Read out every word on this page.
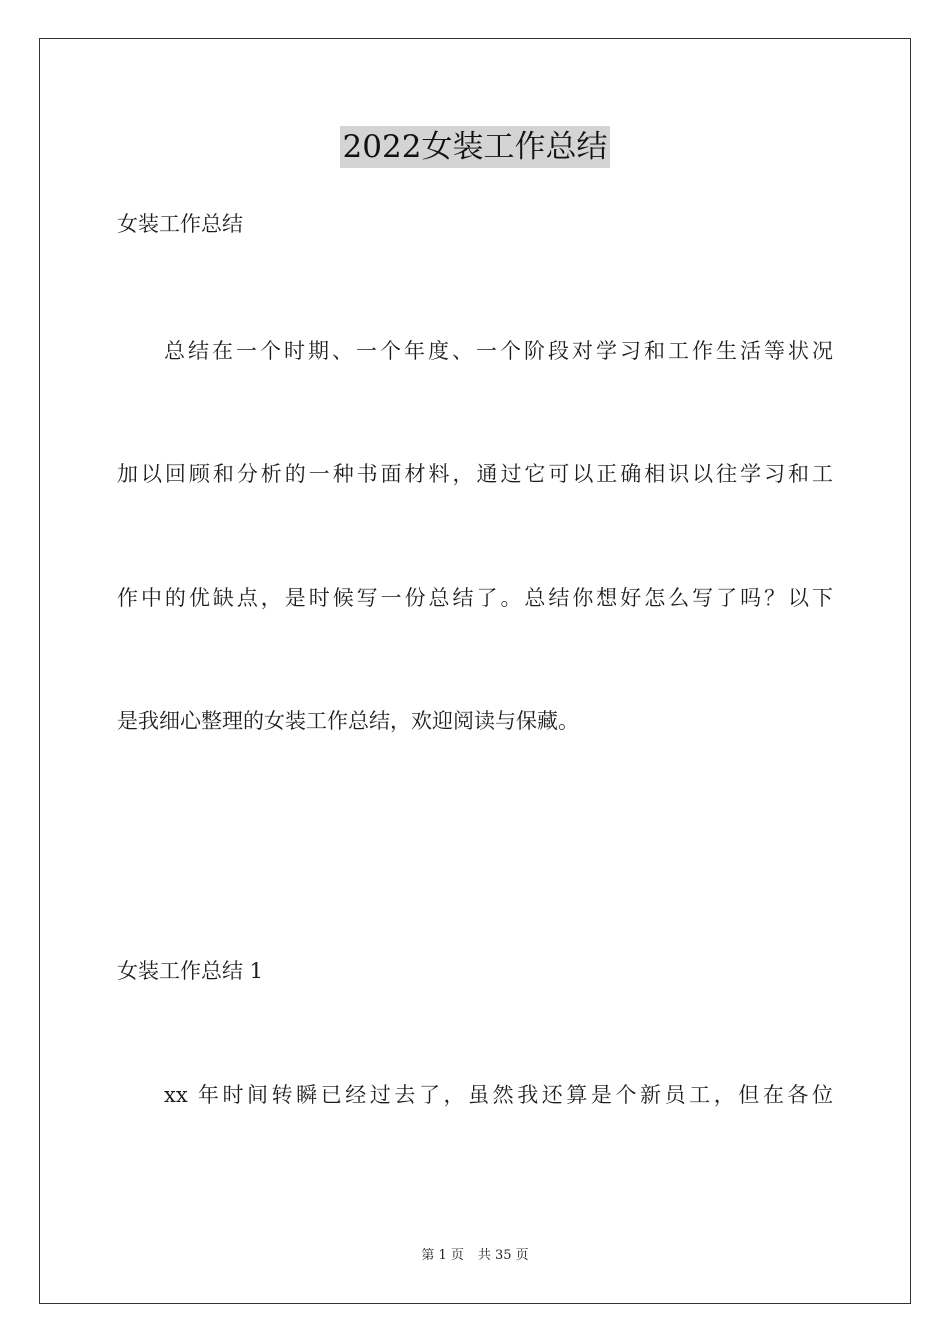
2022女装工作总结
女装工作总结
总结在一个时期、一个年度、一个阶段对学习和工作生活等状况
加以回顾和分析的一种书面材料，通过它可以正确相识以往学习和工
作中的优缺点，是时候写一份总结了。总结你想好怎么写了吗？以下
是我细心整理的女装工作总结，欢迎阅读与保藏。
女装工作总结 1
xx 年时间转瞬已经过去了，虽然我还算是个新员工，但在各位
第 1 页 共 35 页
